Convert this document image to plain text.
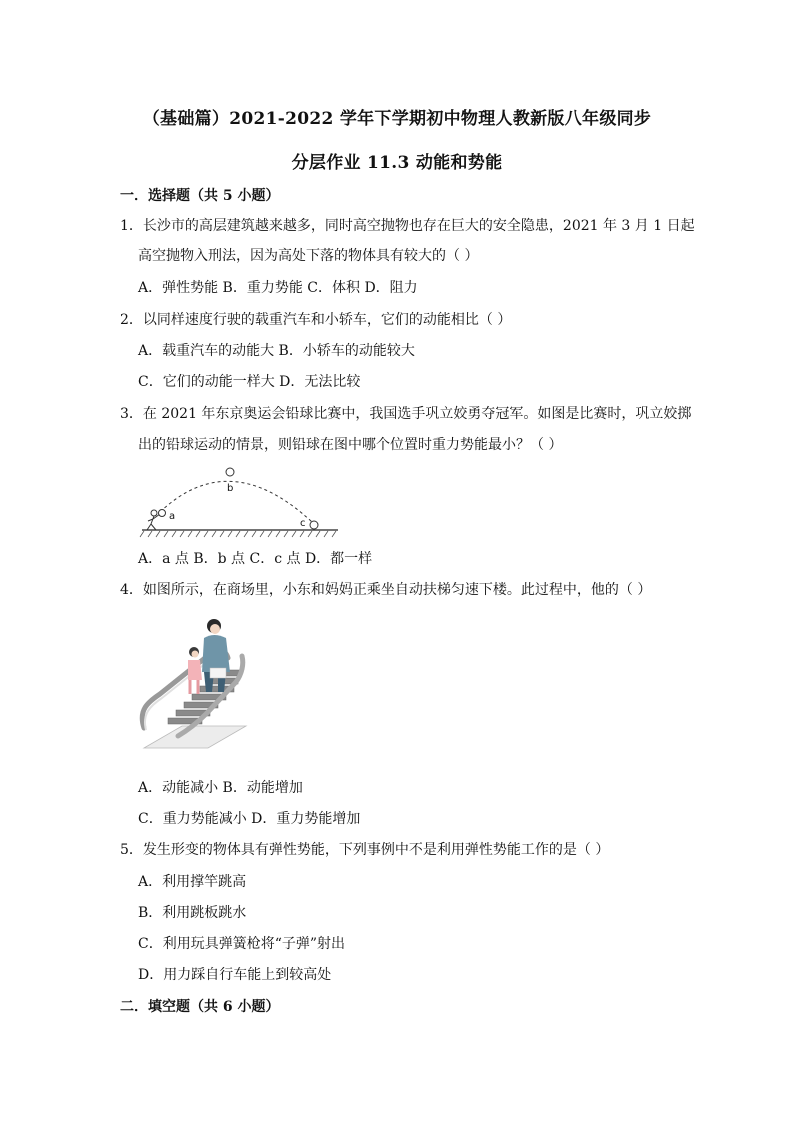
（基础篇）2021-2022 学年下学期初中物理人教新版八年级同步
分层作业 11.3 动能和势能
一．选择题（共 5 小题）
1．长沙市的高层建筑越来越多，同时高空抛物也存在巨大的安全隐患，2021 年 3 月 1 日起
高空抛物入刑法，因为高处下落的物体具有较大的（ ）
A．弹性势能 B．重力势能 C．体积 D．阻力
2．以同样速度行驶的载重汽车和小轿车，它们的动能相比（ ）
A．载重汽车的动能大 B．小轿车的动能较大
C．它们的动能一样大 D．无法比较
3．在 2021 年东京奥运会铅球比赛中，我国选手巩立姣勇夺冠军。如图是比赛时，巩立姣掷
出的铅球运动的情景，则铅球在图中哪个位置时重力势能最小？（ ）
a
b
c
A．a 点 B．b 点 C．c 点 D．都一样
4．如图所示，在商场里，小东和妈妈正乘坐自动扶梯匀速下楼。此过程中，他的（ ）
A．动能减小 B．动能增加
C．重力势能减小 D．重力势能增加
5．发生形变的物体具有弹性势能，下列事例中不是利用弹性势能工作的是（ ）
A．利用撑竿跳高
B．利用跳板跳水
C．利用玩具弹簧枪将“子弹”射出
D．用力踩自行车能上到较高处
二．填空题（共 6 小题）
